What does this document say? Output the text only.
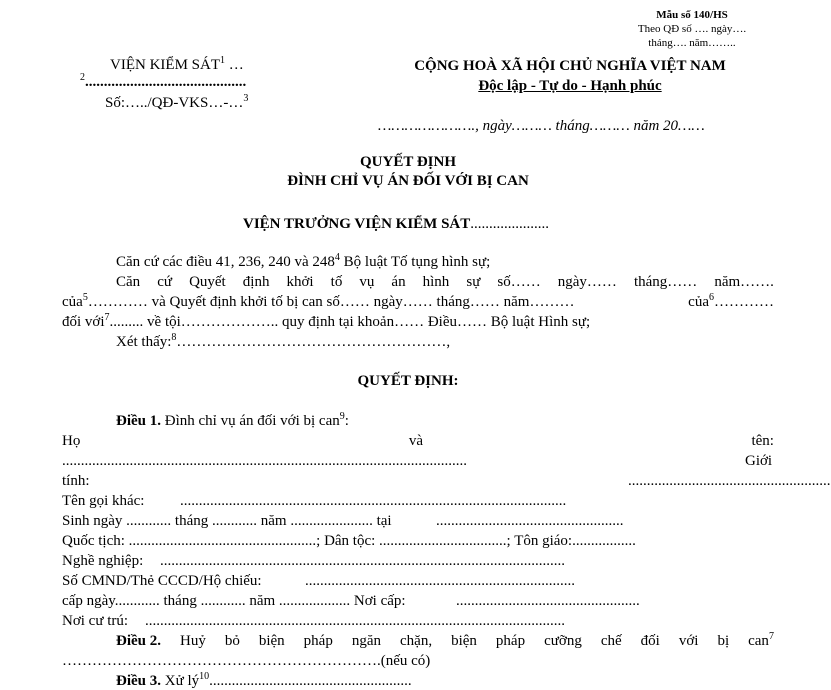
Mẫu số 140/HS
Theo QĐ số …. ngày….
tháng…. năm……..
VIỆN KIỂM SÁT$^1$ …
$^2$...........................................
Số:…../QĐ-VKS…-…$^3$
CỘNG HOÀ XÃ HỘI CHỦ NGHĨA VIỆT NAM
Độc lập - Tự do - Hạnh phúc
…………………., ngày……… tháng……… năm 20……
QUYẾT ĐỊNH
ĐÌNH CHỈ VỤ ÁN ĐỐI VỚI BỊ CAN
VIỆN TRƯỞNG VIỆN KIỂM SÁT.....................
Căn cứ các điều 41, 236, 240 và $248^4$ Bộ luật Tố tụng hình sự;
Căn cứ Quyết định khởi tố vụ án hình sự số…… ngày…… tháng…… năm…….
của$^5$………… và Quyết định khởi tố bị can số…… ngày…… tháng…… năm………	của$^6$…………
đối với$^7$......... về tội……………….. quy định tại khoản…… Điều…… Bộ luật Hình sự;
Xét thấy:$^8$………………………………………………,
QUYẾT ĐỊNH:
Điều 1. Đình chỉ vụ án đối với bị can$^9$:
Họ	và	tên:
............................................................................................................	Giới
tính:	......................................................
Tên gọi khác: .......................................................................................................
Sinh ngày ............ tháng ............ năm ...................... tại	..................................................
Quốc tịch: ..................................................; Dân tộc: ..................................; Tôn giáo:.................
Nghề nghiệp: ............................................................................................................
Số CMND/Thẻ CCCD/Hộ chiếu:	........................................................................
cấp ngày............ tháng ............ năm ................... Nơi cấp:	.................................................
Nơi cư trú: ................................................................................................................
Điều 2. Huỷ bỏ biện pháp ngăn chặn, biện pháp cưỡng chế đối với bị can$^7$
……………………………………………………….(nếu có)
Điều 3. Xử $lý^{10}$......................................................
